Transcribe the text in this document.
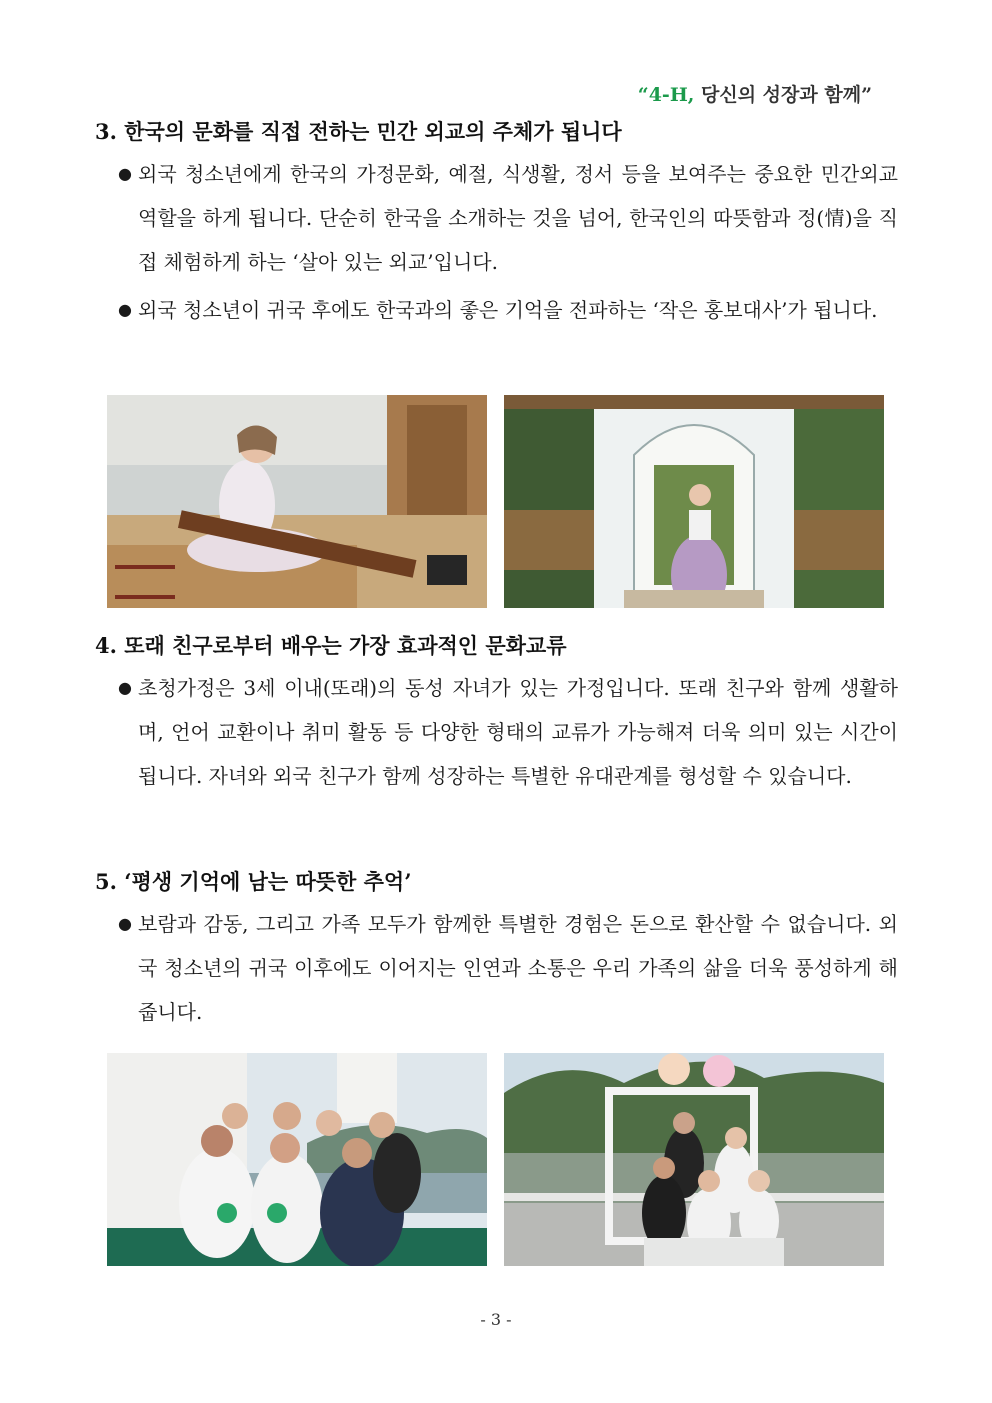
“4-H, 당신의 성장과 함께”
3. 한국의 문화를 직접 전하는 민간 외교의 주체가 됩니다
● 외국 청소년에게 한국의 가정문화, 예절, 식생활, 정서 등을 보여주는 중요한 민간외교 역할을 하게 됩니다. 단순히 한국을 소개하는 것을 넘어, 한국인의 따뜻함과 정(情)을 직접 체험하게 하는 ‘살아 있는 외교’입니다.
● 외국 청소년이 귀국 후에도 한국과의 좋은 기억을 전파하는 ‘작은 홍보대사’가 됩니다.
4. 또래 친구로부터 배우는 가장 효과적인 문화교류
● 초청가정은 3세 이내(또래)의 동성 자녀가 있는 가정입니다. 또래 친구와 함께 생활하며, 언어 교환이나 취미 활동 등 다양한 형태의 교류가 가능해져 더욱 의미 있는 시간이 됩니다. 자녀와 외국 친구가 함께 성장하는 특별한 유대관계를 형성할 수 있습니다.
5. ‘평생 기억에 남는 따뜻한 추억’
● 보람과 감동, 그리고 가족 모두가 함께한 특별한 경험은 돈으로 환산할 수 없습니다. 외국 청소년의 귀국 이후에도 이어지는 인연과 소통은 우리 가족의 삶을 더욱 풍성하게 해줍니다.
- 3 -
